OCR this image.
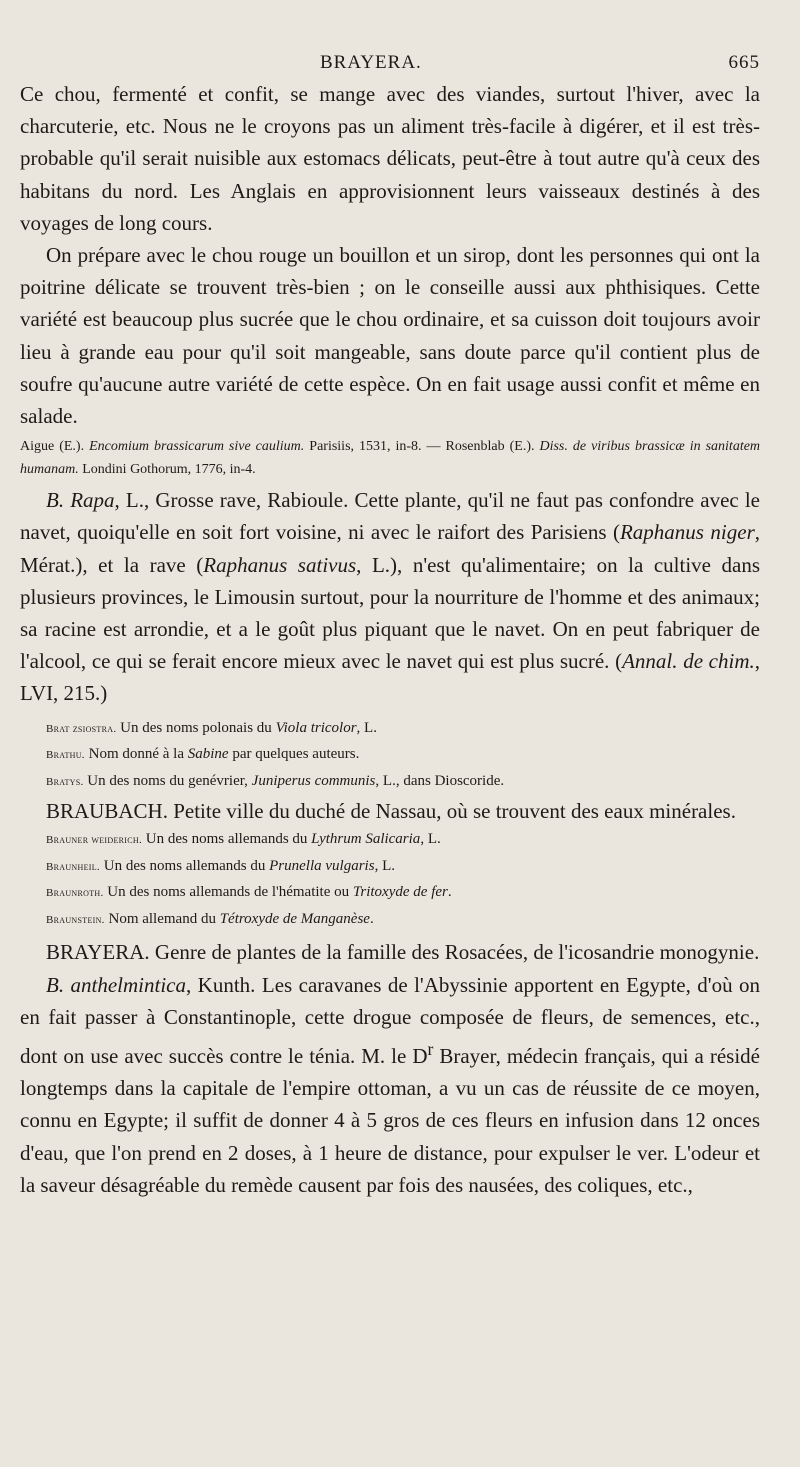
BRAYERA.	665

Ce chou, fermenté et confit, se mange avec des viandes, surtout l'hiver, avec la charcuterie, etc. Nous ne le croyons pas un aliment très-facile à digérer, et il est très-probable qu'il serait nuisible aux estomacs délicats, peut-être à tout autre qu'à ceux des habitans du nord. Les Anglais en approvisionnent leurs vaisseaux destinés à des voyages de long cours.

On prépare avec le chou rouge un bouillon et un sirop, dont les personnes qui ont la poitrine délicate se trouvent très-bien ; on le conseille aussi aux phthisiques. Cette variété est beaucoup plus sucrée que le chou ordinaire, et sa cuisson doit toujours avoir lieu à grande eau pour qu'il soit mangeable, sans doute parce qu'il contient plus de soufre qu'aucune autre variété de cette espèce. On en fait usage aussi confit et même en salade.

Aigue (E.). Encomium brassicarum sive caulium. Parisiis, 1531, in-8. — Rosenblab (E.). Diss. de viribus brassicæ in sanitatem humanam. Londini Gothorum, 1776, in-4.

B. Rapa, L., Grosse rave, Rabioule. Cette plante, qu'il ne faut pas confondre avec le navet, quoiqu'elle en soit fort voisine, ni avec le raifort des Parisiens (Raphanus niger, Mérat.), et la rave (Raphanus sativus, L.), n'est qu'alimentaire; on la cultive dans plusieurs provinces, le Limousin surtout, pour la nourriture de l'homme et des animaux; sa racine est arrondie, et a le goût plus piquant que le navet. On en peut fabriquer de l'alcool, ce qui se ferait encore mieux avec le navet qui est plus sucré. (Annal. de chim., LVI, 215.)

Brat zsiostra. Un des noms polonais du Viola tricolor, L.

Brathu. Nom donné à la Sabine par quelques auteurs.

Bratys. Un des noms du genévrier, Juniperus communis, L., dans Dioscoride.

BRAUBACH. Petite ville du duché de Nassau, où se trouvent des eaux minérales.

Brauner weiderich. Un des noms allemands du Lythrum Salicaria, L.

Braunheil. Un des noms allemands du Prunella vulgaris, L.

Braunroth. Un des noms allemands de l'hématite ou Tritoxyde de fer.

Braunstein. Nom allemand du Tétroxyde de Manganèse.

BRAYERA. Genre de plantes de la famille des Rosacées, de l'icosandrie monogynie.

B. anthelmintica, Kunth. Les caravanes de l'Abyssinie apportent en Egypte, d'où on en fait passer à Constantinople, cette drogue composée de fleurs, de semences, etc., dont on use avec succès contre le ténia. M. le $D^r$ Brayer, médecin français, qui a résidé longtemps dans la capitale de l'empire ottoman, a vu un cas de réussite de ce moyen, connu en Egypte; il suffit de donner 4 à 5 gros de ces fleurs en infusion dans 12 onces d'eau, que l'on prend en 2 doses, à 1 heure de distance, pour expulser le ver. L'odeur et la saveur désagréable du remède causent par fois des nausées, des coliques, etc.,
